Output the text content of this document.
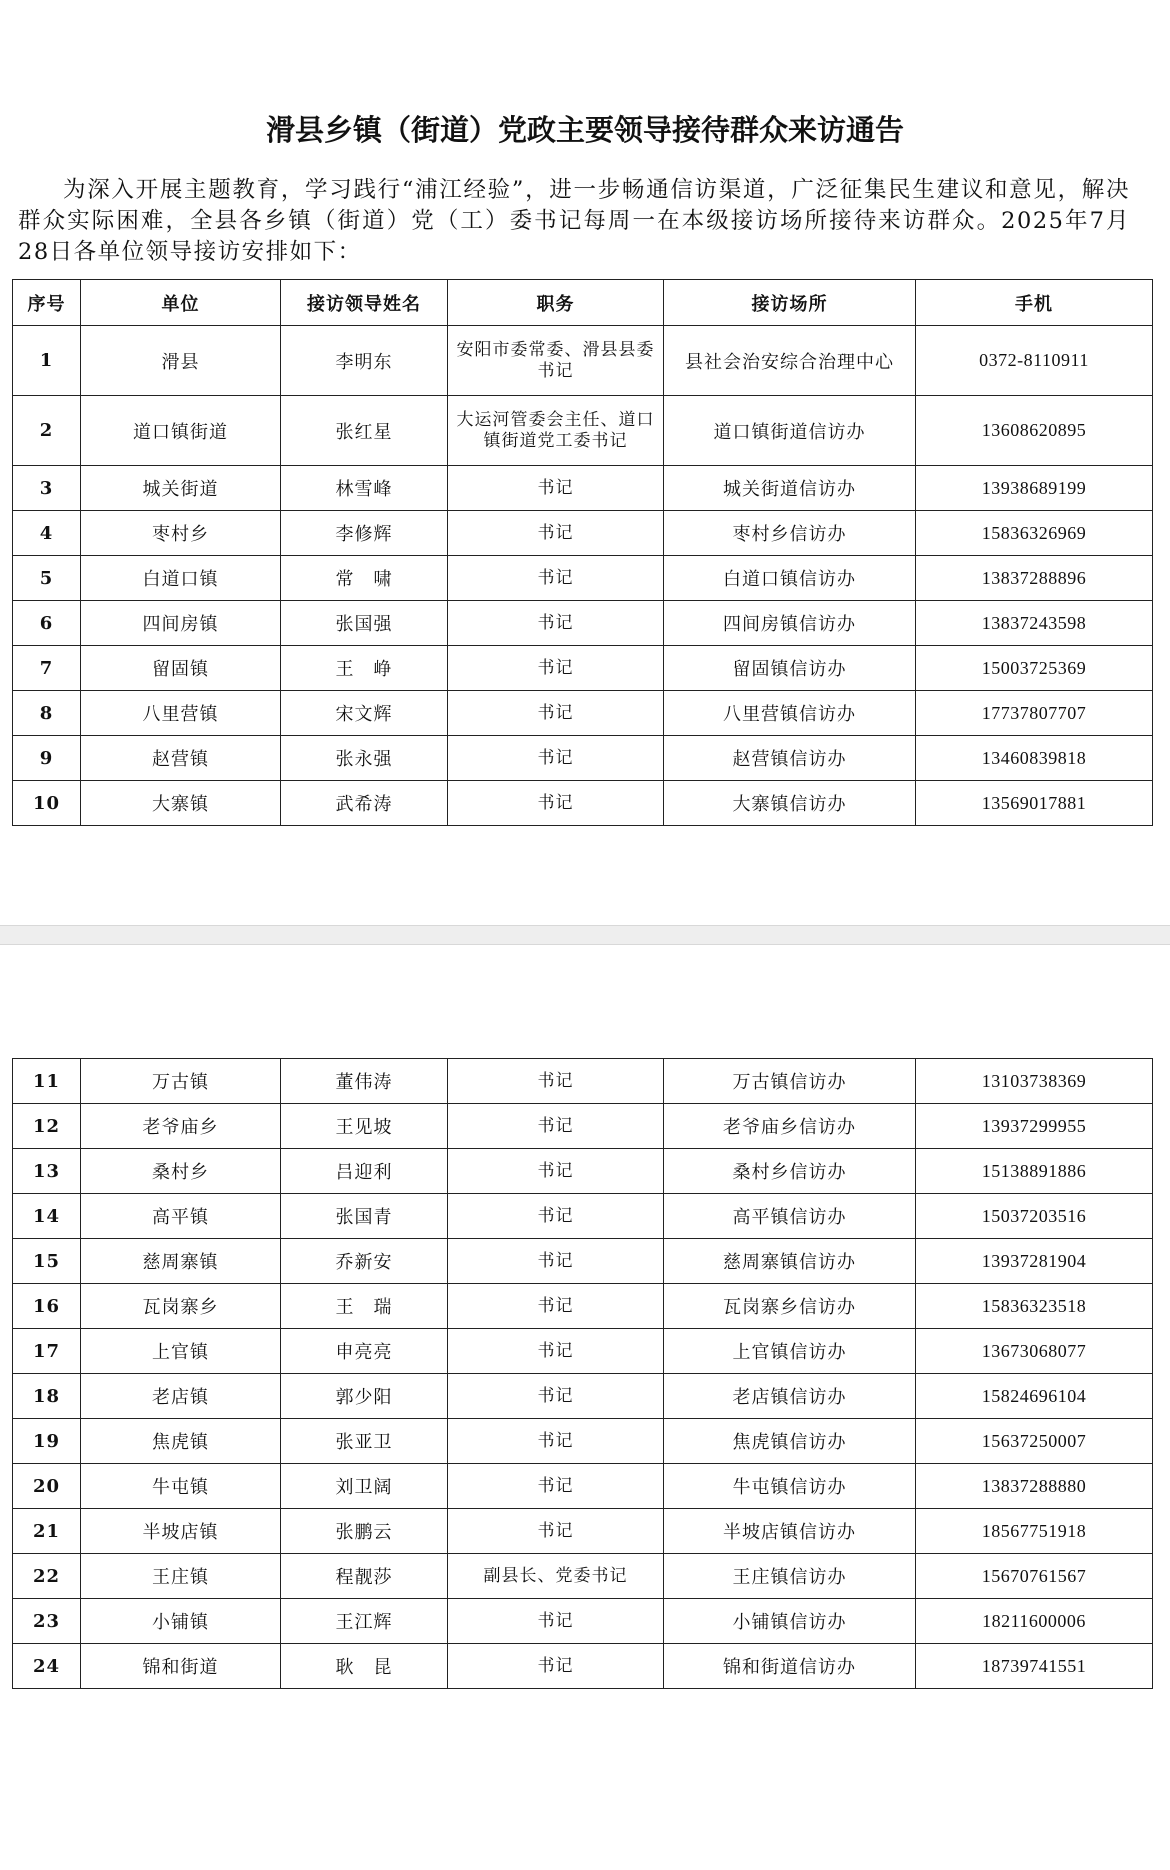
滑县乡镇（街道）党政主要领导接待群众来访通告
为深入开展主题教育，学习践行“浦江经验”，进一步畅通信访渠道，广泛征集民生建议和意见，解决群众实际困难，全县各乡镇（街道）党（工）委书记每周一在本级接访场所接待来访群众。2025年7月28日各单位领导接访安排如下：
序号	单位	接访领导姓名	职务	接访场所	手机
1	滑县	李明东	安阳市委常委、滑县县委书记	县社会治安综合治理中心	0372-8110911
2	道口镇街道	张红星	大运河管委会主任、道口镇街道党工委书记	道口镇街道信访办	13608620895
3	城关街道	林雪峰	书记	城关街道信访办	13938689199
4	枣村乡	李修辉	书记	枣村乡信访办	15836326969
5	白道口镇	常　啸	书记	白道口镇信访办	13837288896
6	四间房镇	张国强	书记	四间房镇信访办	13837243598
7	留固镇	王　峥	书记	留固镇信访办	15003725369
8	八里营镇	宋文辉	书记	八里营镇信访办	17737807707
9	赵营镇	张永强	书记	赵营镇信访办	13460839818
10	大寨镇	武希涛	书记	大寨镇信访办	13569017881
11	万古镇	董伟涛	书记	万古镇信访办	13103738369
12	老爷庙乡	王见坡	书记	老爷庙乡信访办	13937299955
13	桑村乡	吕迎利	书记	桑村乡信访办	15138891886
14	高平镇	张国青	书记	高平镇信访办	15037203516
15	慈周寨镇	乔新安	书记	慈周寨镇信访办	13937281904
16	瓦岗寨乡	王　瑞	书记	瓦岗寨乡信访办	15836323518
17	上官镇	申亮亮	书记	上官镇信访办	13673068077
18	老店镇	郭少阳	书记	老店镇信访办	15824696104
19	焦虎镇	张亚卫	书记	焦虎镇信访办	15637250007
20	牛屯镇	刘卫阔	书记	牛屯镇信访办	13837288880
21	半坡店镇	张鹏云	书记	半坡店镇信访办	18567751918
22	王庄镇	程靓莎	副县长、党委书记	王庄镇信访办	15670761567
23	小铺镇	王江辉	书记	小铺镇信访办	18211600006
24	锦和街道	耿　昆	书记	锦和街道信访办	18739741551
